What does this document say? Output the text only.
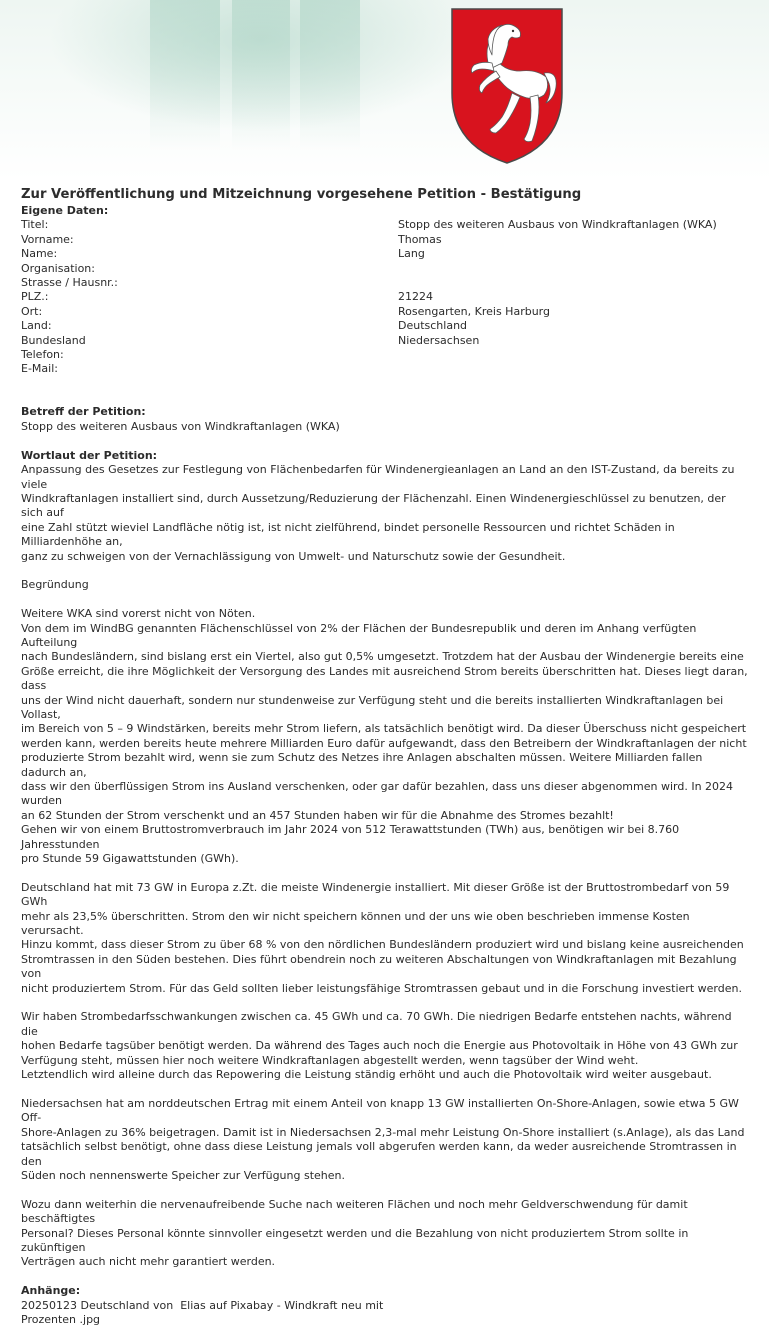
Zur Veröffentlichung und Mitzeichnung vorgesehene Petition - Bestätigung
Eigene Daten:
Titel:	Stopp des weiteren Ausbaus von Windkraftanlagen (WKA)
Vorname:	Thomas
Name:	Lang
Organisation:
Strasse / Hausnr.:
PLZ.:	21224
Ort:	Rosengarten, Kreis Harburg
Land:	Deutschland
Bundesland	Niedersachsen
Telefon:
E-Mail:
Betreff der Petition:
Stopp des weiteren Ausbaus von Windkraftanlagen (WKA)
Wortlaut der Petition:
Anpassung des Gesetzes zur Festlegung von Flächenbedarfen für Windenergieanlagen an Land an den IST-Zustand, da bereits zu viele
Windkraftanlagen installiert sind, durch Aussetzung/Reduzierung der Flächenzahl. Einen Windenergieschlüssel zu benutzen, der sich auf
eine Zahl stützt wieviel Landfläche nötig ist, ist nicht zielführend, bindet personelle Ressourcen und richtet Schäden in Milliardenhöhe an,
ganz zu schweigen von der Vernachlässigung von Umwelt- und Naturschutz sowie der Gesundheit.
Begründung
Weitere WKA sind vorerst nicht von Nöten.
Von dem im WindBG genannten Flächenschlüssel von 2% der Flächen der Bundesrepublik und deren im Anhang verfügten Aufteilung
nach Bundesländern, sind bislang erst ein Viertel, also gut 0,5% umgesetzt. Trotzdem hat der Ausbau der Windenergie bereits eine
Größe erreicht, die ihre Möglichkeit der Versorgung des Landes mit ausreichend Strom bereits überschritten hat. Dieses liegt daran, dass
uns der Wind nicht dauerhaft, sondern nur stundenweise zur Verfügung steht und die bereits installierten Windkraftanlagen bei Vollast,
im Bereich von 5 – 9 Windstärken, bereits mehr Strom liefern, als tatsächlich benötigt wird. Da dieser Überschuss nicht gespeichert
werden kann, werden bereits heute mehrere Milliarden Euro dafür aufgewandt, dass den Betreibern der Windkraftanlagen der nicht
produzierte Strom bezahlt wird, wenn sie zum Schutz des Netzes ihre Anlagen abschalten müssen. Weitere Milliarden fallen dadurch an,
dass wir den überflüssigen Strom ins Ausland verschenken, oder gar dafür bezahlen, dass uns dieser abgenommen wird. In 2024 wurden
an 62 Stunden der Strom verschenkt und an 457 Stunden haben wir für die Abnahme des Stromes bezahlt!
Gehen wir von einem Bruttostromverbrauch im Jahr 2024 von 512 Terawattstunden (TWh) aus, benötigen wir bei 8.760 Jahresstunden
pro Stunde 59 Gigawattstunden (GWh).
Deutschland hat mit 73 GW in Europa z.Zt. die meiste Windenergie installiert. Mit dieser Größe ist der Bruttostrombedarf von 59 GWh
mehr als 23,5% überschritten. Strom den wir nicht speichern können und der uns wie oben beschrieben immense Kosten verursacht.
Hinzu kommt, dass dieser Strom zu über 68 % von den nördlichen Bundesländern produziert wird und bislang keine ausreichenden
Stromtrassen in den Süden bestehen. Dies führt obendrein noch zu weiteren Abschaltungen von Windkraftanlagen mit Bezahlung von
nicht produziertem Strom. Für das Geld sollten lieber leistungsfähige Stromtrassen gebaut und in die Forschung investiert werden.
Wir haben Strombedarfsschwankungen zwischen ca. 45 GWh und ca. 70 GWh. Die niedrigen Bedarfe entstehen nachts, während die
hohen Bedarfe tagsüber benötigt werden. Da während des Tages auch noch die Energie aus Photovoltaik in Höhe von 43 GWh zur
Verfügung steht, müssen hier noch weitere Windkraftanlagen abgestellt werden, wenn tagsüber der Wind weht.
Letztendlich wird alleine durch das Repowering die Leistung ständig erhöht und auch die Photovoltaik wird weiter ausgebaut.
Niedersachsen hat am norddeutschen Ertrag mit einem Anteil von knapp 13 GW installierten On-Shore-Anlagen, sowie etwa 5 GW Off-
Shore-Anlagen zu 36% beigetragen. Damit ist in Niedersachsen 2,3-mal mehr Leistung On-Shore installiert (s.Anlage), als das Land
tatsächlich selbst benötigt, ohne dass diese Leistung jemals voll abgerufen werden kann, da weder ausreichende Stromtrassen in den
Süden noch nennenswerte Speicher zur Verfügung stehen.
Wozu dann weiterhin die nervenaufreibende Suche nach weiteren Flächen und noch mehr Geldverschwendung für damit beschäftigtes
Personal? Dieses Personal könnte sinnvoller eingesetzt werden und die Bezahlung von nicht produziertem Strom sollte in zukünftigen
Verträgen auch nicht mehr garantiert werden.
Anhänge:
20250123 Deutschland von  Elias auf Pixabay - Windkraft neu mit
Prozenten .jpg
